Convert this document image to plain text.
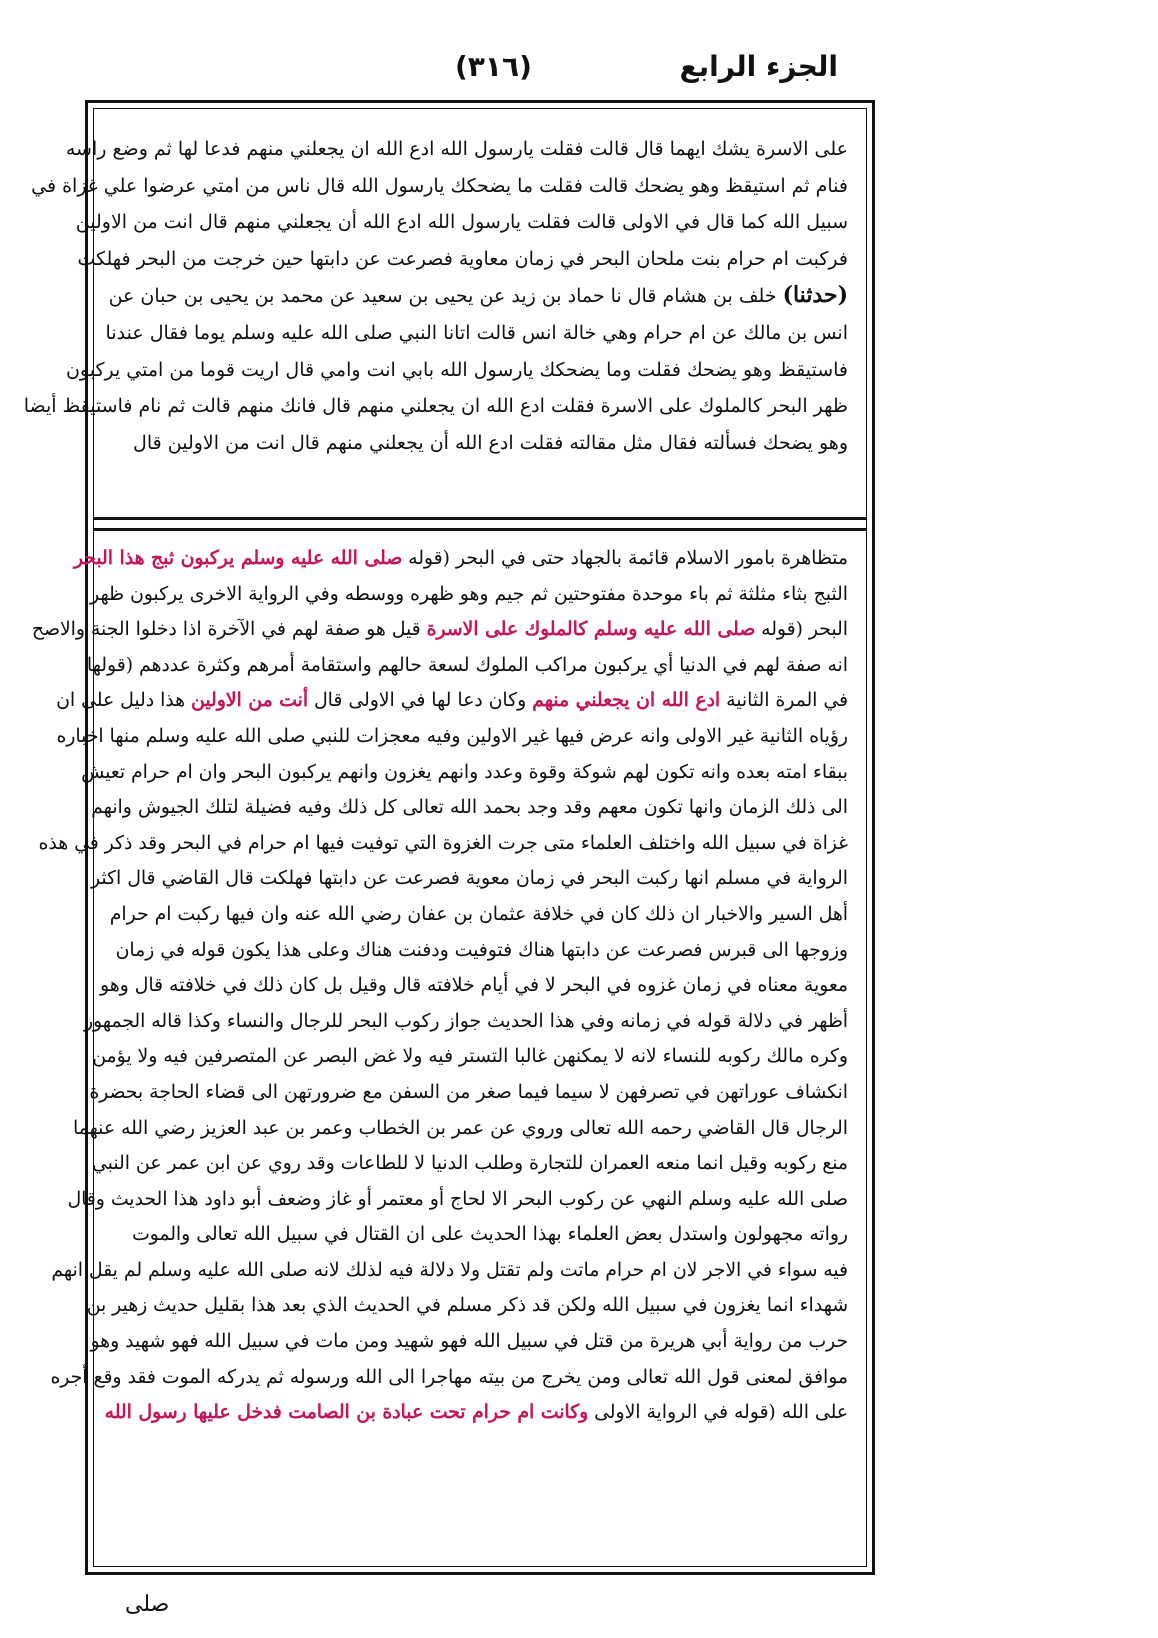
الجزء الرابع
(٣١٦)
على الاسرة يشك ايهما قال قالت فقلت يارسول الله ادع الله ان يجعلني منهم فدعا لها ثم وضع راسه
فنام ثم استيقظ وهو يضحك قالت فقلت ما يضحكك يارسول الله قال ناس من امتي عرضوا علي غزاة في
سبيل الله كما قال في الاولى قالت فقلت يارسول الله ادع الله أن يجعلني منهم قال انت من الاولين
فركبت ام حرام بنت ملحان البحر في زمان معاوية فصرعت عن دابتها حين خرجت من البحر فهلكت
(حدثنا) خلف بن هشام قال نا حماد بن زيد عن يحيى بن سعيد عن محمد بن يحيى بن حبان عن
انس بن مالك عن ام حرام وهي خالة انس قالت اتانا النبي صلى الله عليه وسلم يوما فقال عندنا
فاستيقظ وهو يضحك فقلت وما يضحكك يارسول الله بابي انت وامي قال اريت قوما من امتي يركبون
ظهر البحر كالملوك على الاسرة فقلت ادع الله ان يجعلني منهم قال فانك منهم قالت ثم نام فاستيقظ أيضا
وهو يضحك فسألته فقال مثل مقالته فقلت ادع الله أن يجعلني منهم قال انت من الاولين قال
متظاهرة بامور الاسلام قائمة بالجهاد حتى في البحر (قوله صلى الله عليه وسلم يركبون ثبج هذا البحر
الثبج بثاء مثلثة ثم باء موحدة مفتوحتين ثم جيم وهو ظهره ووسطه وفي الرواية الاخرى يركبون ظهر
البحر (قوله صلى الله عليه وسلم كالملوك على الاسرة قيل هو صفة لهم في الآخرة اذا دخلوا الجنة والاصح
انه صفة لهم في الدنيا أي يركبون مراكب الملوك لسعة حالهم واستقامة أمرهم وكثرة عددهم (قولها
في المرة الثانية ادع الله ان يجعلني منهم وكان دعا لها في الاولى قال أنت من الاولين هذا دليل على ان
رؤياه الثانية غير الاولى وانه عرض فيها غير الاولين وفيه معجزات للنبي صلى الله عليه وسلم منها اخباره
ببقاء امته بعده وانه تكون لهم شوكة وقوة وعدد وانهم يغزون وانهم يركبون البحر وان ام حرام تعيش
الى ذلك الزمان وانها تكون معهم وقد وجد بحمد الله تعالى كل ذلك وفيه فضيلة لتلك الجيوش وانهم
غزاة في سبيل الله واختلف العلماء متى جرت الغزوة التي توفيت فيها ام حرام في البحر وقد ذكر في هذه
الرواية في مسلم انها ركبت البحر في زمان معوية فصرعت عن دابتها فهلكت قال القاضي قال اكثر
أهل السير والاخبار ان ذلك كان في خلافة عثمان بن عفان رضي الله عنه وان فيها ركبت ام حرام
وزوجها الى قبرس فصرعت عن دابتها هناك فتوفيت ودفنت هناك وعلى هذا يكون قوله في زمان
معوية معناه في زمان غزوه في البحر لا في أيام خلافته قال وقيل بل كان ذلك في خلافته قال وهو
أظهر في دلالة قوله في زمانه وفي هذا الحديث جواز ركوب البحر للرجال والنساء وكذا قاله الجمهور
وكره مالك ركوبه للنساء لانه لا يمكنهن غالبا التستر فيه ولا غض البصر عن المتصرفين فيه ولا يؤمن
انكشاف عوراتهن في تصرفهن لا سيما فيما صغر من السفن مع ضرورتهن الى قضاء الحاجة بحضرة
الرجال قال القاضي رحمه الله تعالى وروي عن عمر بن الخطاب وعمر بن عبد العزيز رضي الله عنهما
منع ركوبه وقيل انما منعه العمران للتجارة وطلب الدنيا لا للطاعات وقد روي عن ابن عمر عن النبي
صلى الله عليه وسلم النهي عن ركوب البحر الا لحاج أو معتمر أو غاز وضعف أبو داود هذا الحديث وقال
رواته مجهولون واستدل بعض العلماء بهذا الحديث على ان القتال في سبيل الله تعالى والموت
فيه سواء في الاجر لان ام حرام ماتت ولم تقتل ولا دلالة فيه لذلك لانه صلى الله عليه وسلم لم يقل انهم
شهداء انما يغزون في سبيل الله ولكن قد ذكر مسلم في الحديث الذي بعد هذا بقليل حديث زهير بن
حرب من رواية أبي هريرة من قتل في سبيل الله فهو شهيد ومن مات في سبيل الله فهو شهيد وهو
موافق لمعنى قول الله تعالى ومن يخرج من بيته مهاجرا الى الله ورسوله ثم يدركه الموت فقد وقع أجره
على الله (قوله في الرواية الاولى وكانت ام حرام تحت عبادة بن الصامت فدخل عليها رسول الله
صلى
